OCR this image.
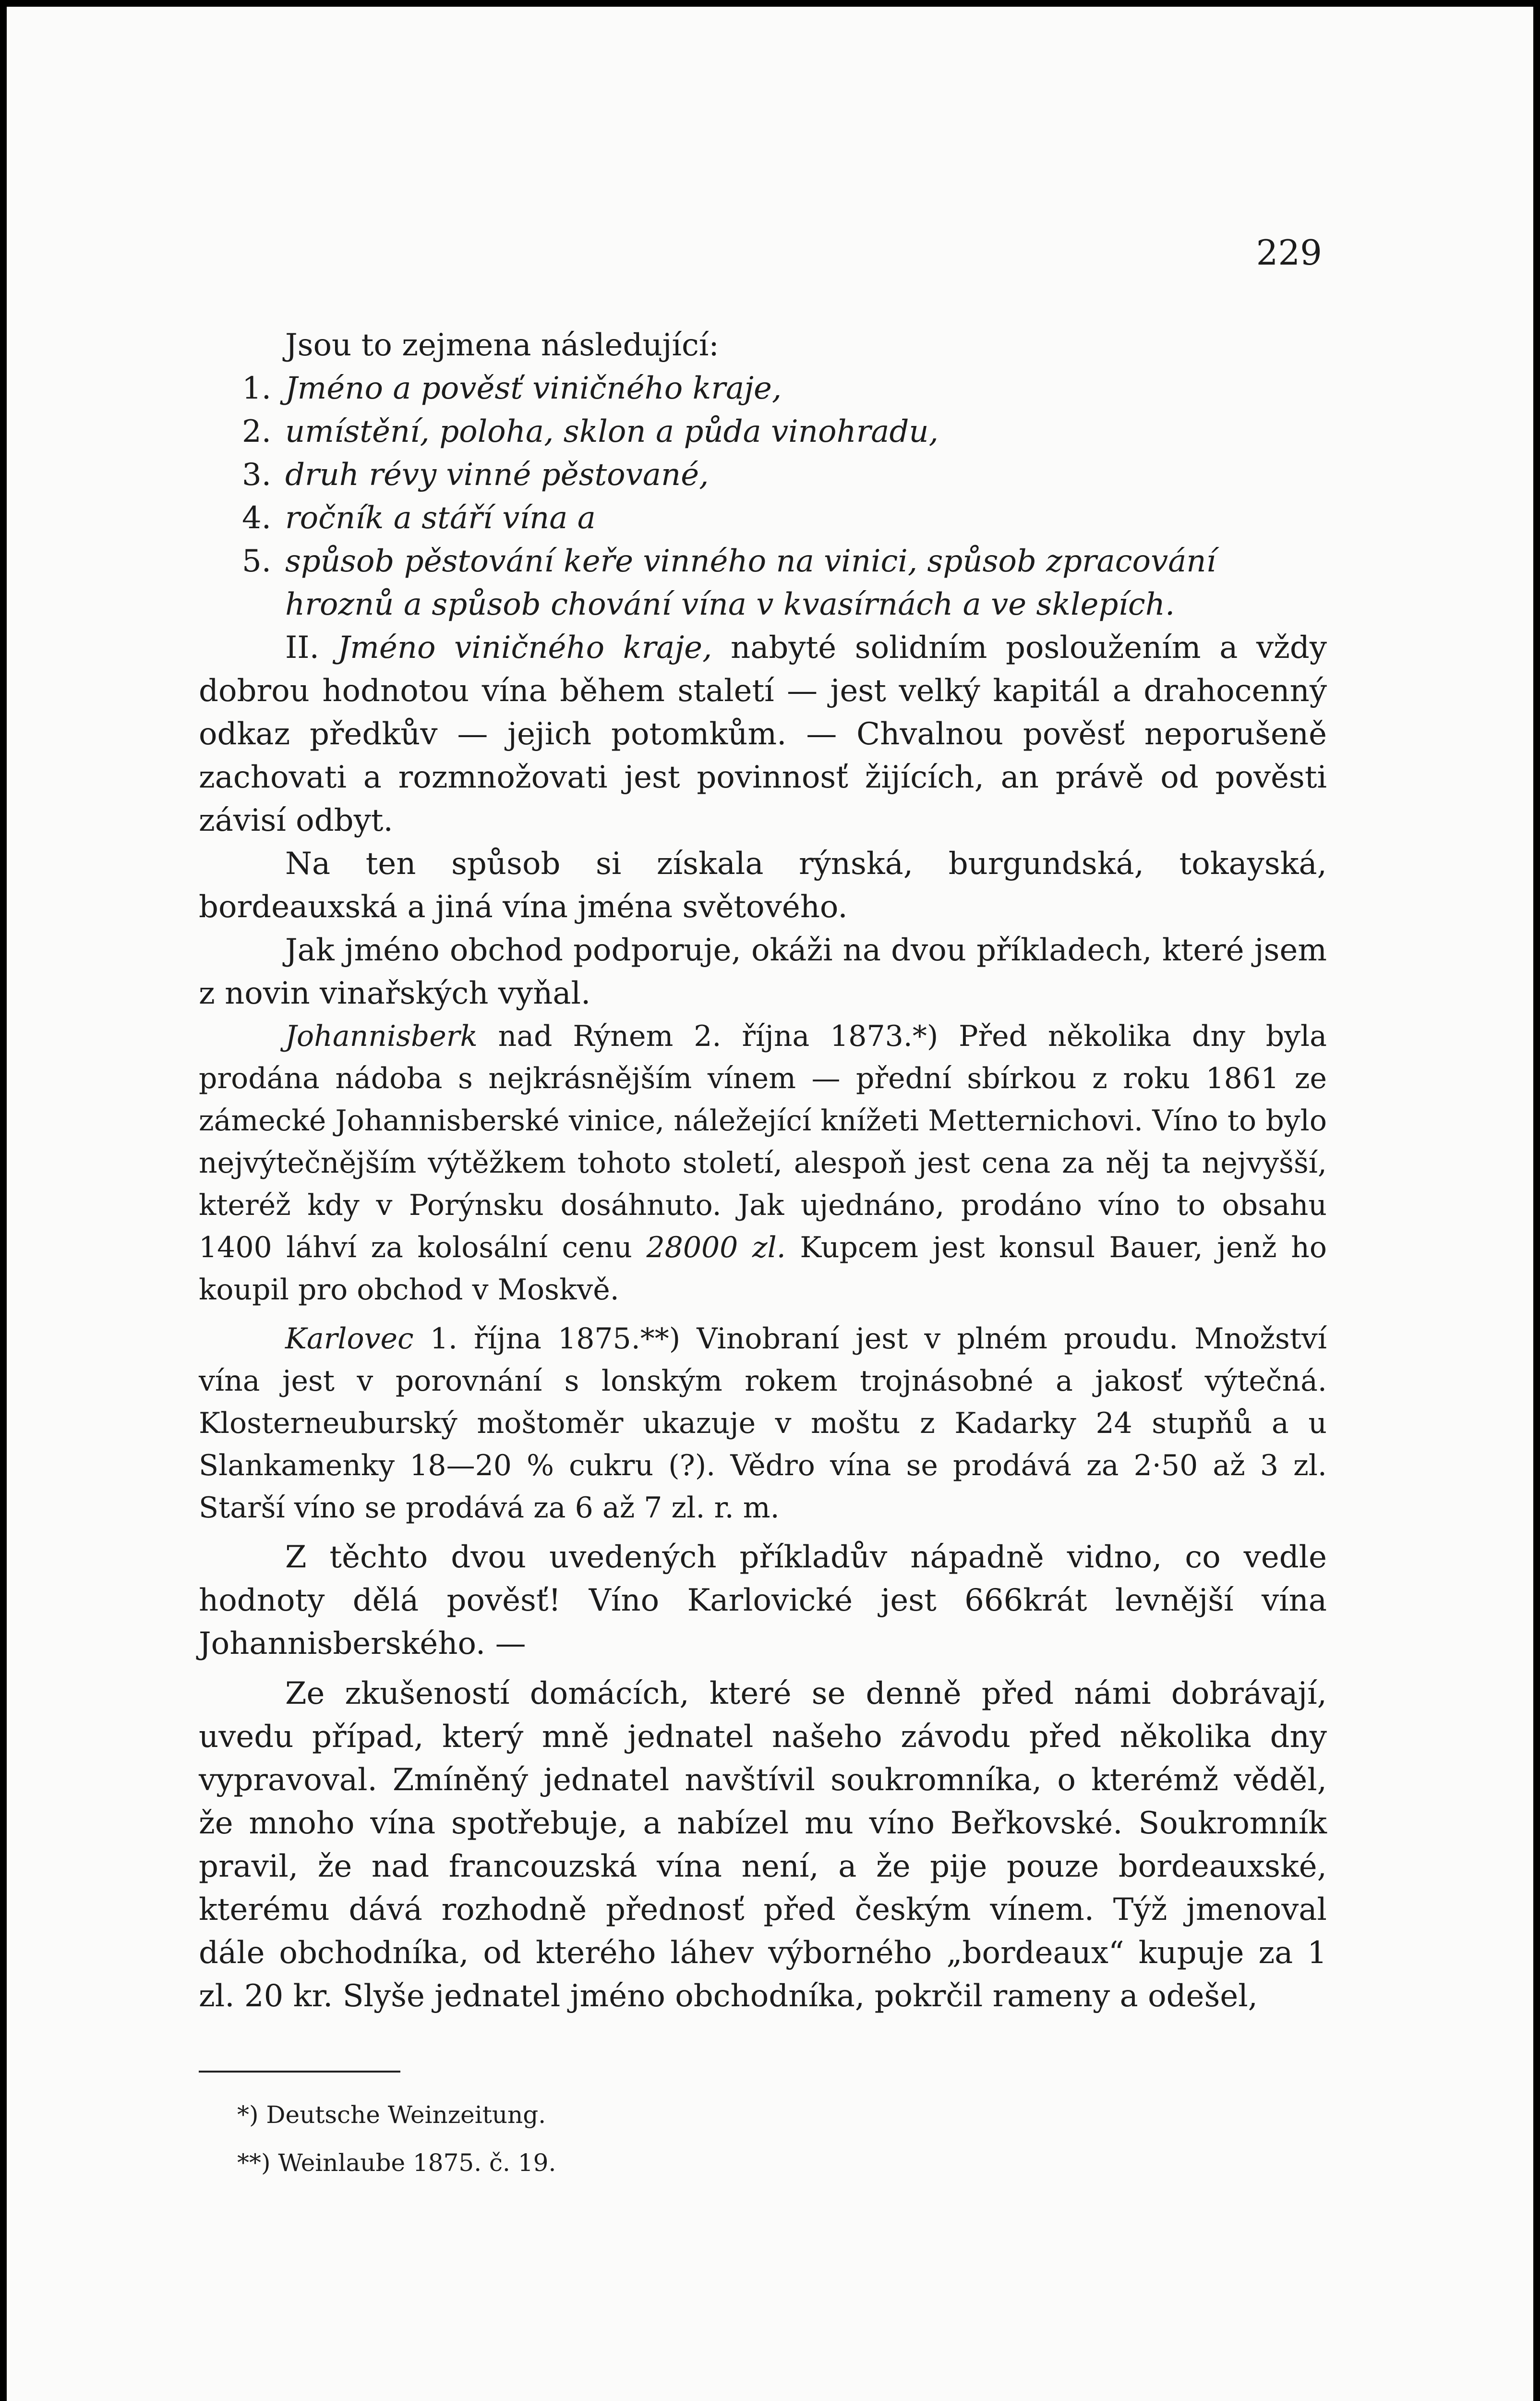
229

Jsou to zejmena následující:

1. Jméno a pověsť viničného kraje,

2. umístění, poloha, sklon a půda vinohradu,

3. druh révy vinné pěstované,

4. ročník a stáří vína a

5. spůsob pěstování keře vinného na vinici, spůsob zpracování hroznů a spůsob chování vína v kvasírnách a ve sklepích.

II. Jméno viničného kraje, nabyté solidním posloužením a vždy dobrou hodnotou vína během staletí — jest velký kapitál a drahocenný odkaz předkův — jejich potomkům. — Chvalnou pověsť neporušeně zachovati a rozmnožovati jest povinnosť žijících, an právě od pověsti závisí odbyt.

Na ten spůsob si získala rýnská, burgundská, tokayská, bordeauxská a jiná vína jména světového.

Jak jméno obchod podporuje, okáži na dvou příkladech, které jsem z novin vinařských vyňal.

Johannisberk nad Rýnem 2. října 1873.*) Před několika dny byla prodána nádoba s nejkrásnějším vínem — přední sbírkou z roku 1861 ze zámecké Johannisberské vinice, náležející knížeti Metternichovi. Víno to bylo nejvýtečnějším výtěžkem tohoto století, alespoň jest cena za něj ta nejvyšší, kteréž kdy v Porýnsku dosáhnuto. Jak ujednáno, prodáno víno to obsahu 1400 láhví za kolosální cenu 28000 zl. Kupcem jest konsul Bauer, jenž ho koupil pro obchod v Moskvě.

Karlovec 1. října 1875.**) Vinobraní jest v plném proudu. Množství vína jest v porovnání s lonským rokem trojnásobné a jakosť výtečná. Klosterneuburský moštoměr ukazuje v moštu z Kadarky 24 stupňů a u Slankamenky 18—20 % cukru (?). Vědro vína se prodává za 2·50 až 3 zl. Starší víno se prodává za 6 až 7 zl. r. m.

Z těchto dvou uvedených příkladův nápadně vidno, co vedle hodnoty dělá pověsť! Víno Karlovické jest 666krát levnější vína Johannisberského. —

Ze zkušeností domácích, které se denně před námi dobrávají, uvedu případ, který mně jednatel našeho závodu před několika dny vypravoval. Zmíněný jednatel navštívil soukromníka, o kterémž věděl, že mnoho vína spotřebuje, a nabízel mu víno Beřkovské. Soukromník pravil, že nad francouzská vína není, a že pije pouze bordeauxské, kterému dává rozhodně přednosť před českým vínem. Týž jmenoval dále obchodníka, od kterého láhev výborného „bordeaux“ kupuje za 1 zl. 20 kr. Slyše jednatel jméno obchodníka, pokrčil rameny a odešel,

*) Deutsche Weinzeitung.
**) Weinlaube 1875. č. 19.
